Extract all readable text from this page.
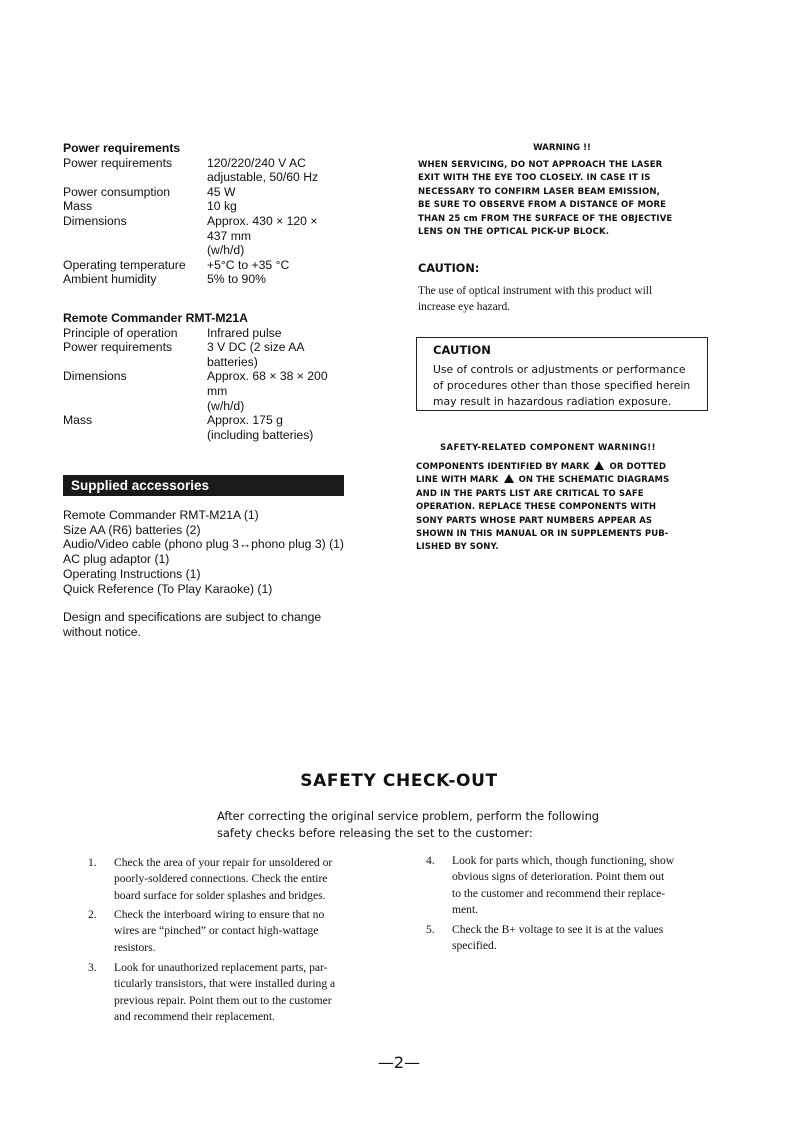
Power requirements
Power requirements	120/220/240 V AC
adjustable, 50/60 Hz

Power consumption	45 W

Mass	10 kg

Dimensions	Approx. 430 × 120 ×
437 mm
(w/h/d)

Operating temperature	+5°C to +35 °C

Ambient humidity	5% to 90%
Remote Commander RMT-M21A
Principle of operation	Infrared pulse

Power requirements	3 V DC (2 size AA
batteries)

Dimensions	Approx. 68 × 38 × 200
mm
(w/h/d)

Mass	Approx. 175 g
(including batteries)
Supplied accessories
Remote Commander RMT-M21A (1)
Size AA (R6) batteries (2)
Audio/Video cable (phono plug 3↔phono plug 3) (1)
AC plug adaptor (1)
Operating Instructions (1)
Quick Reference (To Play Karaoke) (1)
Design and specifications are subject to change
without notice.
WARNING !!
WHEN SERVICING, DO NOT APPROACH THE LASER
EXIT WITH THE EYE TOO CLOSELY. IN CASE IT IS
NECESSARY TO CONFIRM LASER BEAM EMISSION,
BE SURE TO OBSERVE FROM A DISTANCE OF MORE
THAN 25 cm FROM THE SURFACE OF THE OBJECTIVE
LENS ON THE OPTICAL PICK-UP BLOCK.
CAUTION:
The use of optical instrument with this product will
increase eye hazard.
CAUTION
Use of controls or adjustments or performance
of procedures other than those specified herein
may result in hazardous radiation exposure.
SAFETY-RELATED COMPONENT WARNING!!
COMPONENTS IDENTIFIED BY MARK OR DOTTED
LINE WITH MARK ON THE SCHEMATIC DIAGRAMS
AND IN THE PARTS LIST ARE CRITICAL TO SAFE
OPERATION. REPLACE THESE COMPONENTS WITH
SONY PARTS WHOSE PART NUMBERS APPEAR AS
SHOWN IN THIS MANUAL OR IN SUPPLEMENTS PUB-
LISHED BY SONY.
SAFETY CHECK-OUT
After correcting the original service problem, perform the following
safety checks before releasing the set to the customer:
1.	Check the area of your repair for unsoldered or
poorly-soldered connections. Check the entire
board surface for solder splashes and bridges.
2.	Check the interboard wiring to ensure that no
wires are “pinched” or contact high-wattage
resistors.
3.	Look for unauthorized replacement parts, par-
ticularly transistors, that were installed during a
previous repair. Point them out to the customer
and recommend their replacement.
4.	Look for parts which, though functioning, show
obvious signs of deterioration. Point them out
to the customer and recommend their replace-
ment.
5.	Check the B+ voltage to see it is at the values
specified.
—2—
